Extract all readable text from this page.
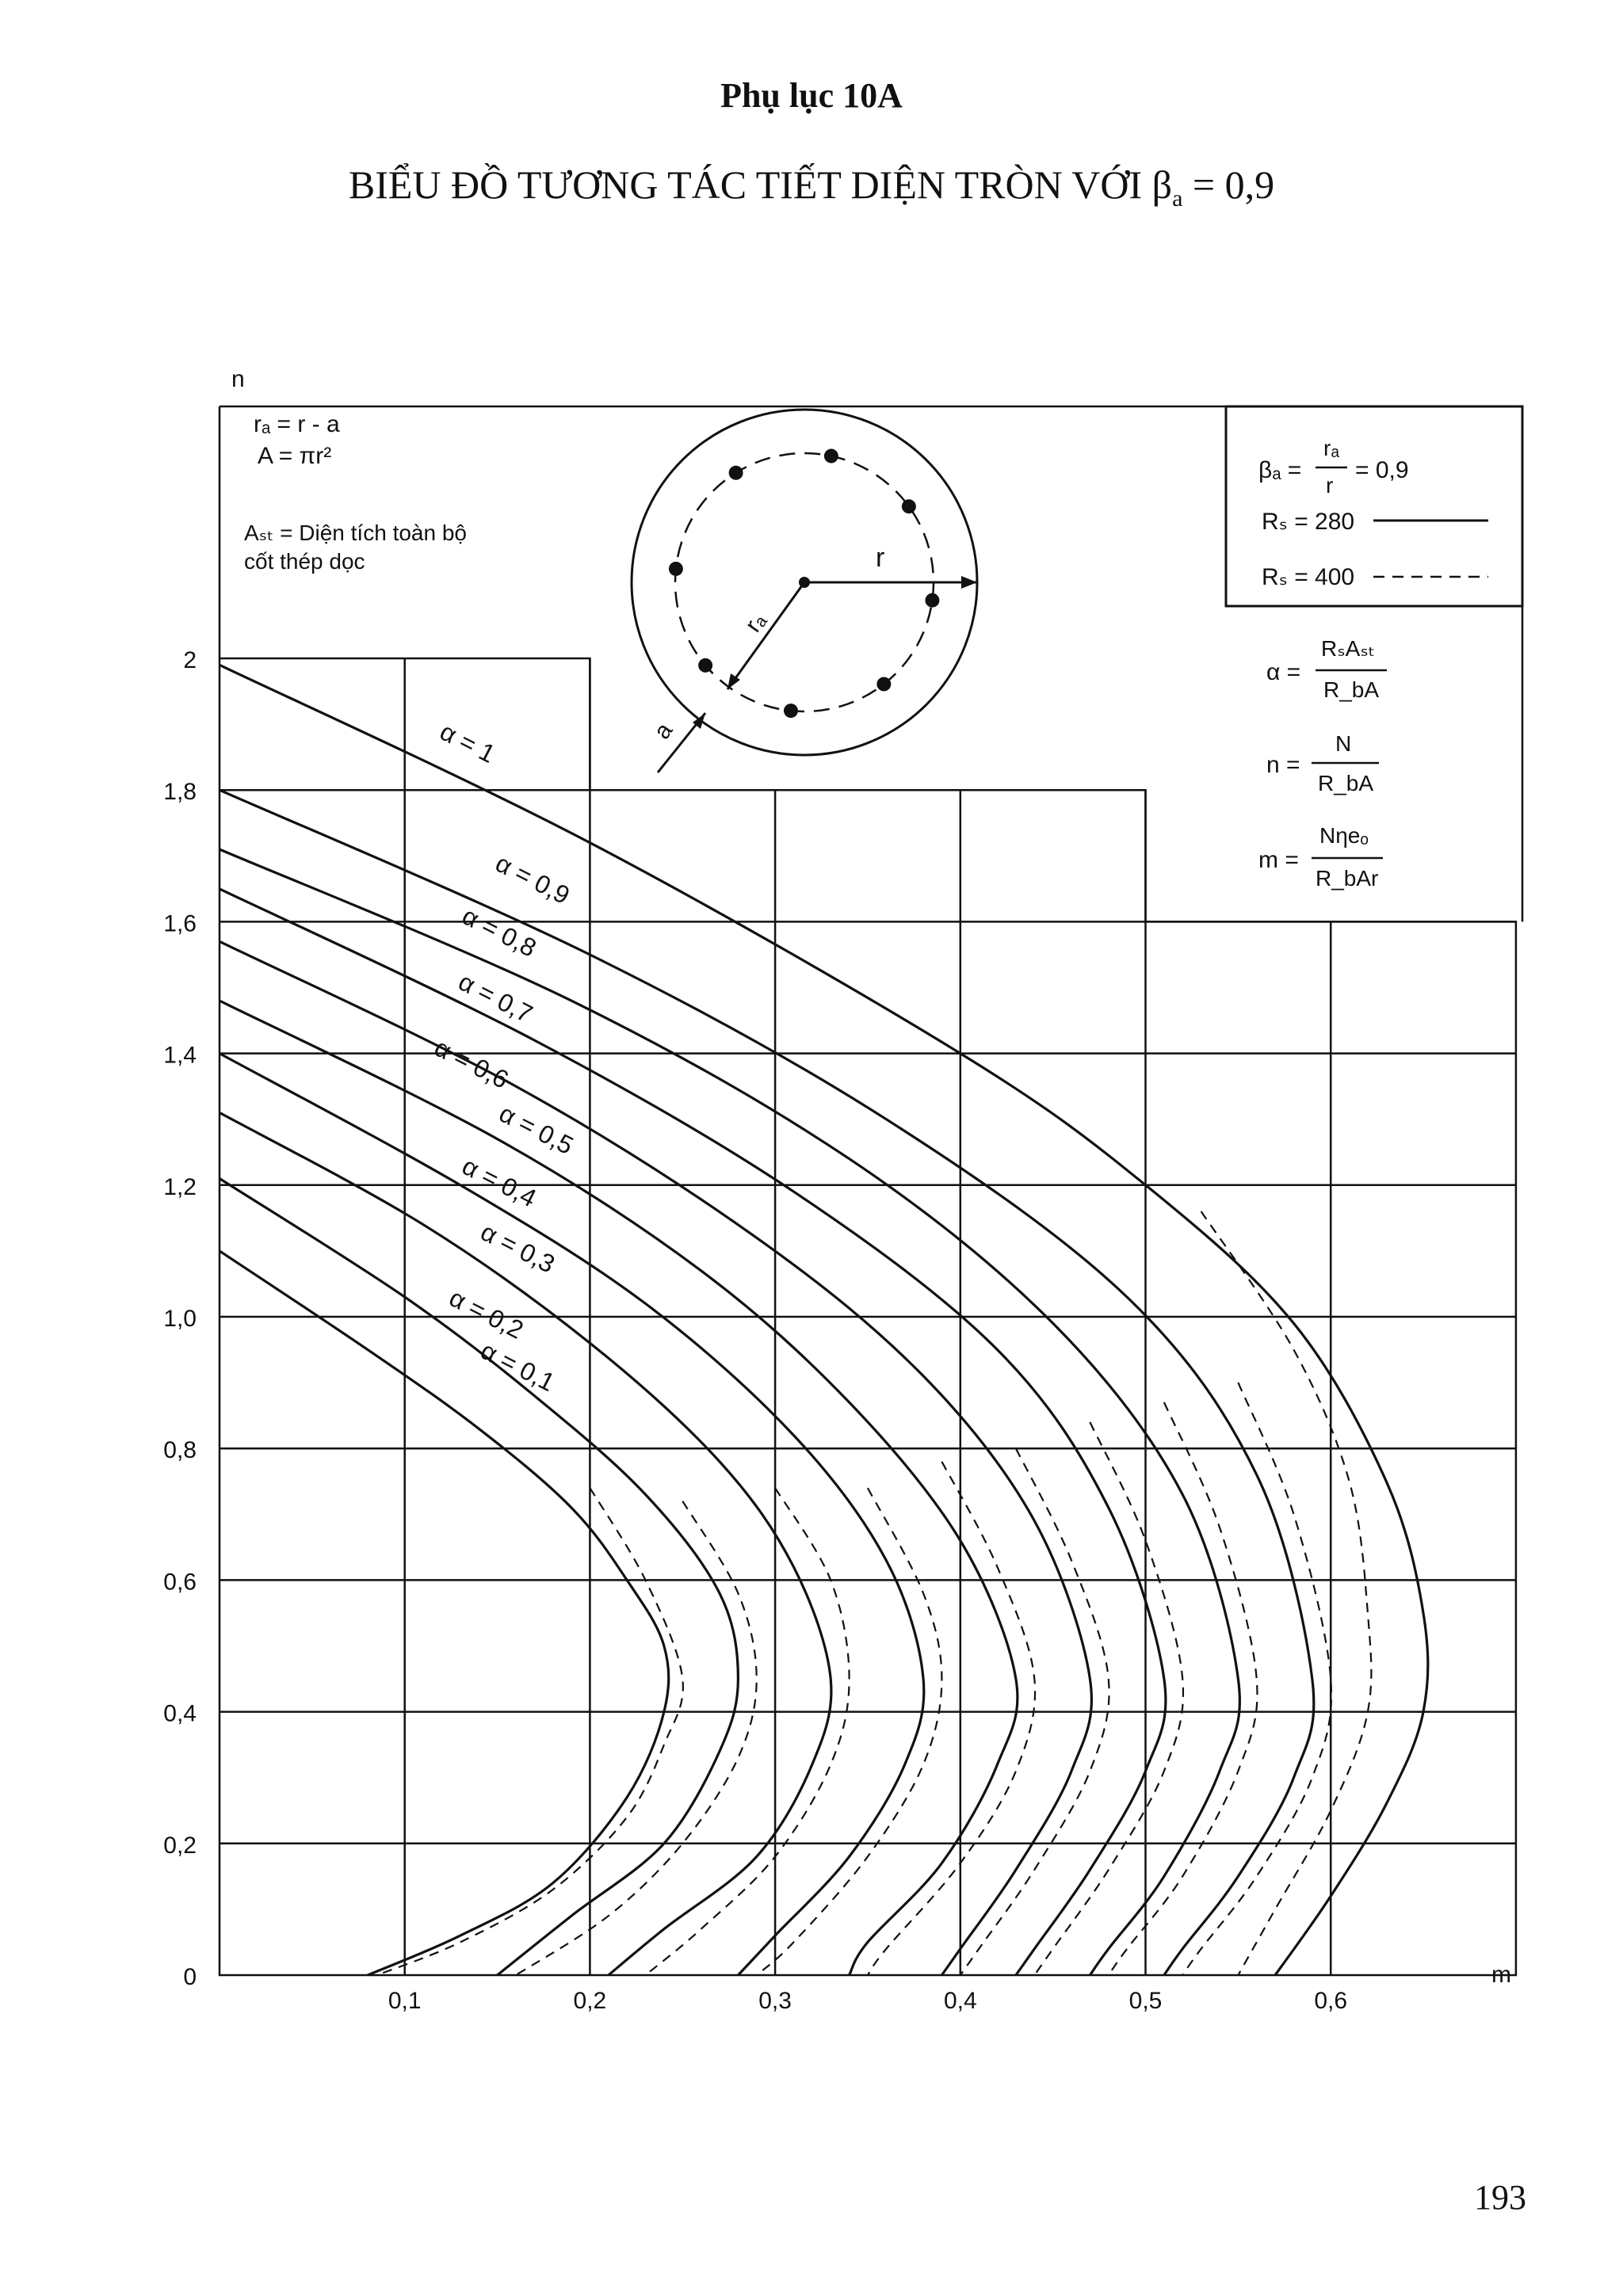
Phụ lục 10A
BIỂU ĐỒ TƯƠNG TÁC TIẾT DIỆN TRÒN VỚI $\beta_a = 0,9$
n
m
0
0,2
0,4
0,6
0,8
1,0
1,2
1,4
1,6
1,8
2
0,1	0,2	0,3	0,4	0,5	0,6
α = 0,1
α = 0,2
α = 0,3
α = 0,4
α = 0,5
α = 0,6
α = 0,7
α = 0,8
α = 0,9
α = 1
rₐ = r - a
A = πr²
Aₛₜ = Diện tích toàn bộ
cốt thép dọc	r
rₐ
a
βₐ =
rₐ
r
= 0,9
Rₛ = 280
Rₛ = 400
α =
RₛAₛₜ
R_bA
n =
N
R_bA
m =
Nηeₒ
R_bAr
193
